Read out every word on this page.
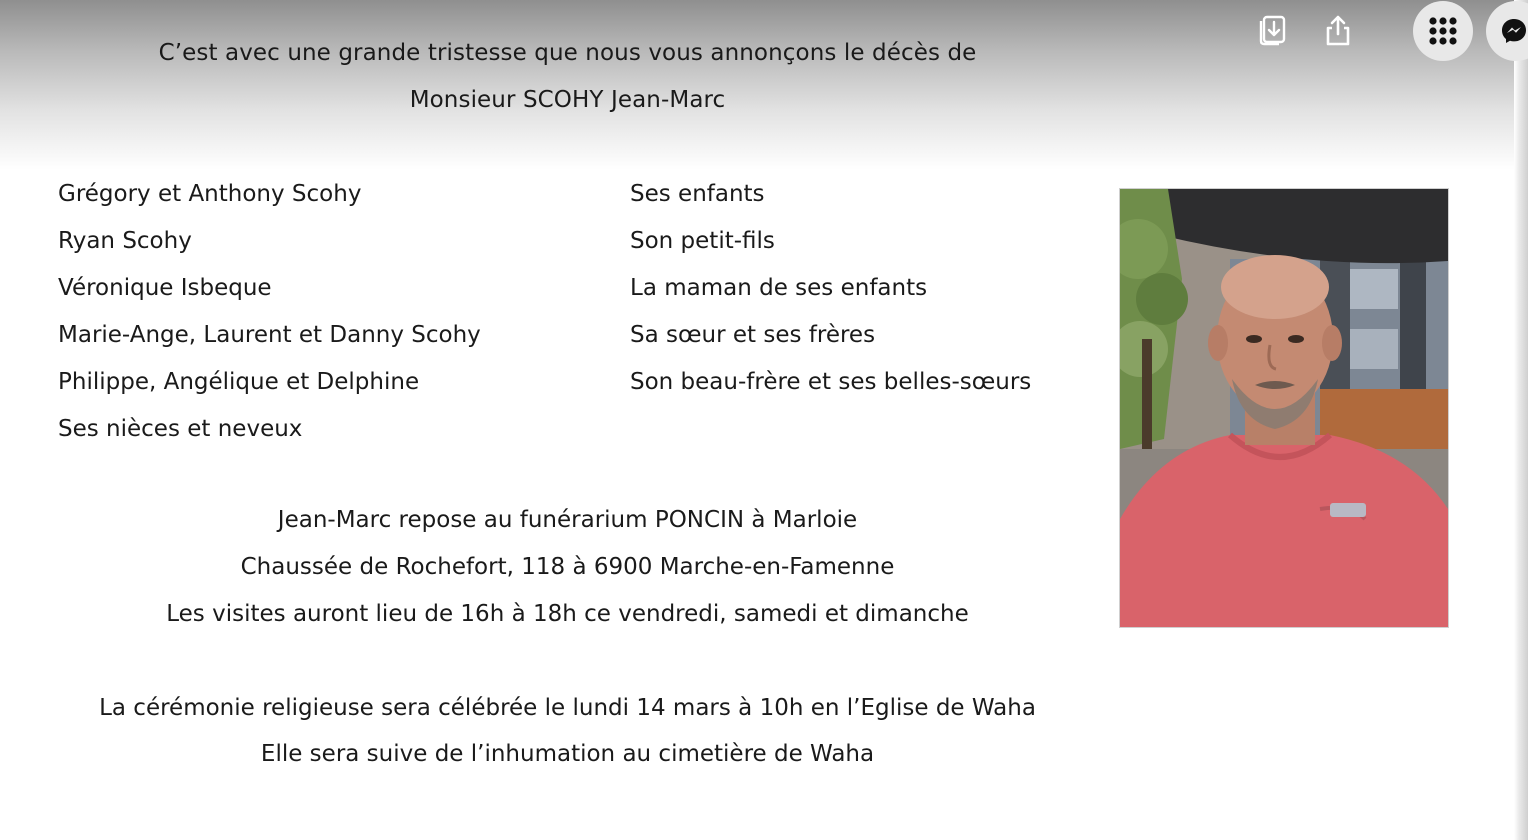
C’est avec une grande tristesse que nous vous annonçons le décès de
Monsieur SCOHY Jean-Marc
Grégory et Anthony Scohy
Ryan Scohy
Véronique Isbeque
Marie-Ange, Laurent et Danny Scohy
Philippe, Angélique et Delphine
Ses nièces et neveux
Ses enfants
Son petit-fils
La maman de ses enfants
Sa sœur et ses frères
Son beau-frère et ses belles-sœurs
Jean-Marc repose au funérarium PONCIN à Marloie
Chaussée de Rochefort, 118 à 6900 Marche-en-Famenne
Les visites auront lieu de 16h à 18h ce vendredi, samedi et dimanche
La cérémonie religieuse sera célébrée le lundi 14 mars à 10h en l’Eglise de Waha
Elle sera suive de l’inhumation au cimetière de Waha
